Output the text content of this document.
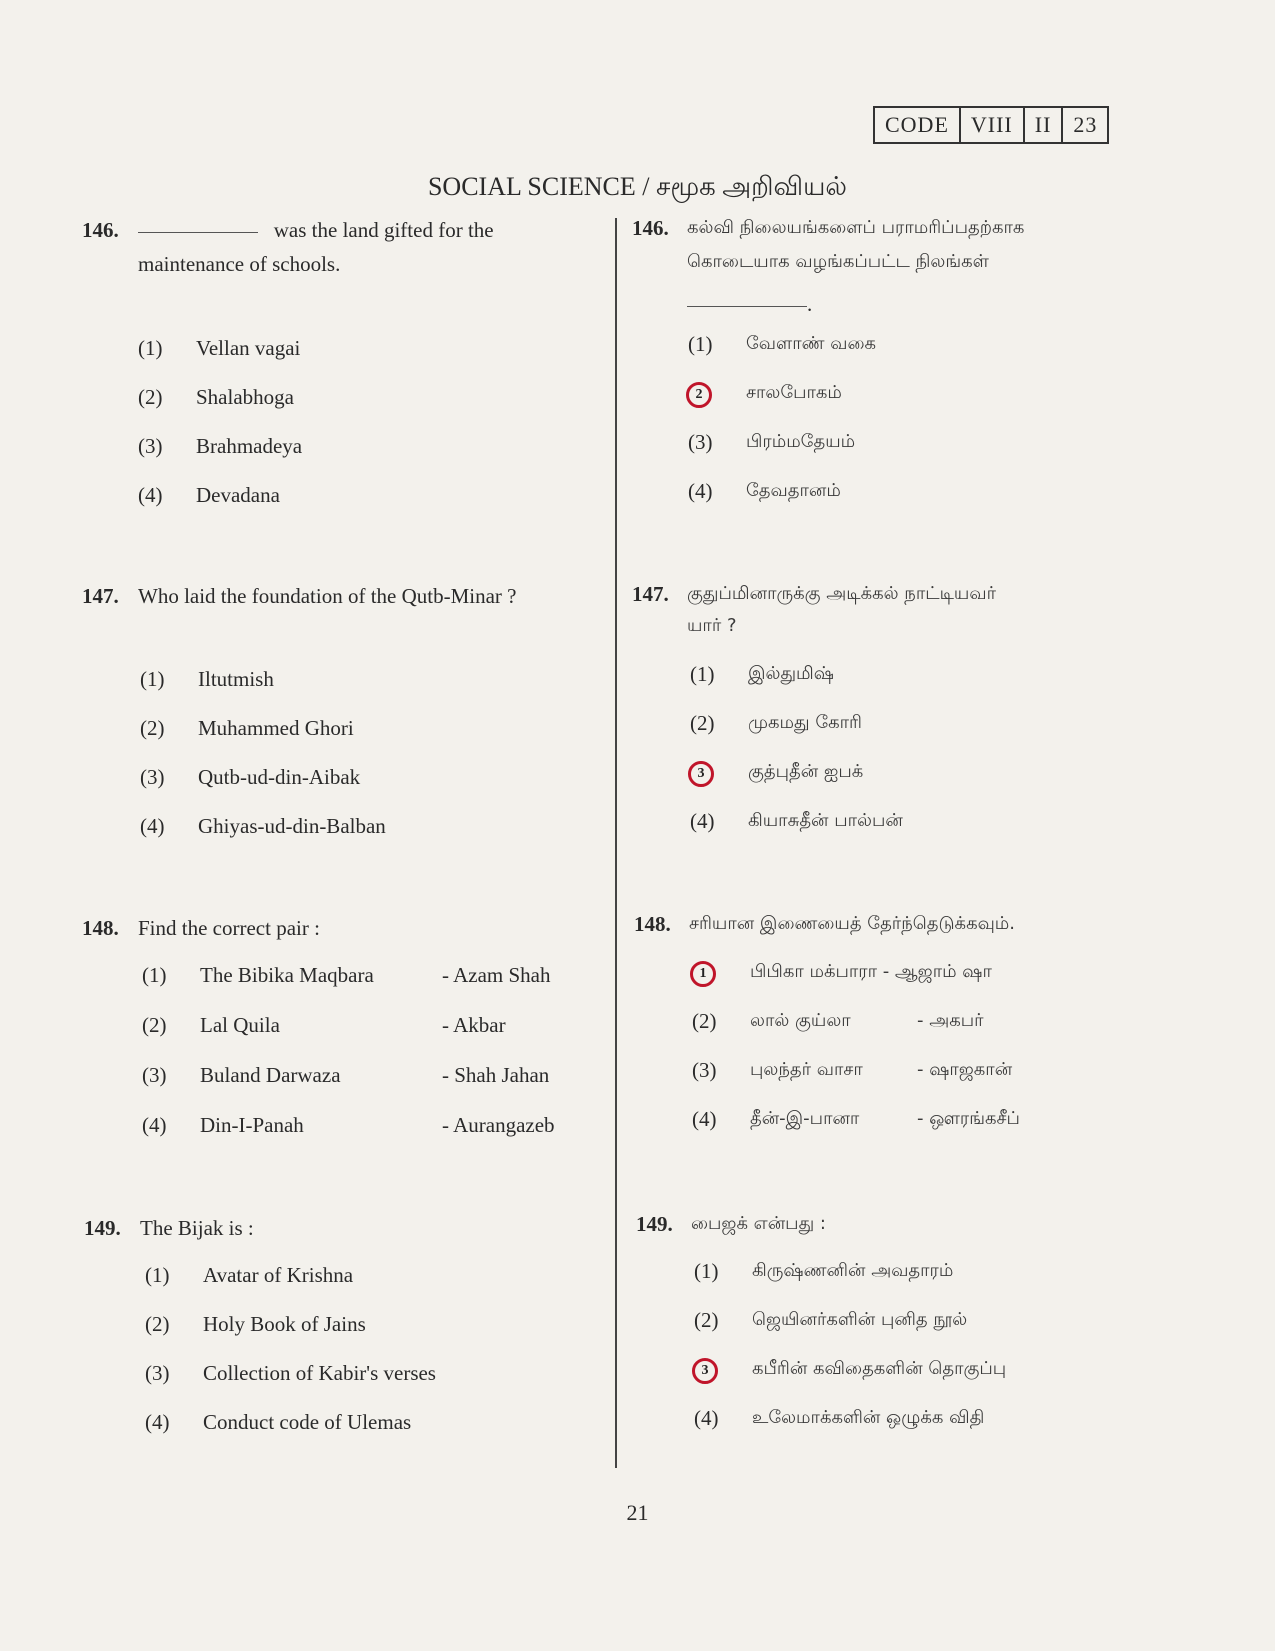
CODE	VIII	II	23
SOCIAL SCIENCE / சமூக அறிவியல்
146.	was the land gifted for the
maintenance of schools.
(1)	Vellan vagai
(2)	Shalabhoga
(3)	Brahmadeya
(4)	Devadana
147. Who laid the foundation of the Qutb-Minar ?
(1)	Iltutmish
(2)	Muhammed Ghori
(3)	Qutb-ud-din-Aibak
(4)	Ghiyas-ud-din-Balban
148. Find the correct pair :
(1)	The Bibika Maqbara	- Azam Shah
(2)	Lal Quila	- Akbar
(3)	Buland Darwaza	- Shah Jahan
(4)	Din-I-Panah	- Aurangazeb
149. The Bijak is :
(1)	Avatar of Krishna
(2)	Holy Book of Jains
(3)	Collection of Kabir's verses
(4)	Conduct code of Ulemas
146. கல்வி நிலையங்களைப் பராமரிப்பதற்காக
கொடையாக வழங்கப்பட்ட நிலங்கள்
.
(1)	வேளாண் வகை
2	சாலபோகம்
(3)	பிரம்மதேயம்
(4)	தேவதானம்
147. குதுப்மினாருக்கு அடிக்கல் நாட்டியவர்
யார் ?
(1)	இல்துமிஷ்
(2)	முகமது கோரி
3	குத்புதீன் ஐபக்
(4)	கியாசுதீன் பால்பன்
148. சரியான இணையைத் தேர்ந்தெடுக்கவும்.
1	பிபிகா மக்பாரா - ஆஜாம் ஷா
(2)	லால் குய்லா	- அகபர்
(3)	புலந்தர் வாசா	- ஷாஜகான்
(4)	தீன்-இ-பானா	- ஔரங்கசீப்
149. பைஜக் என்பது :
(1)	கிருஷ்ணனின் அவதாரம்
(2)	ஜெயினர்களின் புனித நூல்
3	கபீரின் கவிதைகளின் தொகுப்பு
(4)	உலேமாக்களின் ஒழுக்க விதி
21
